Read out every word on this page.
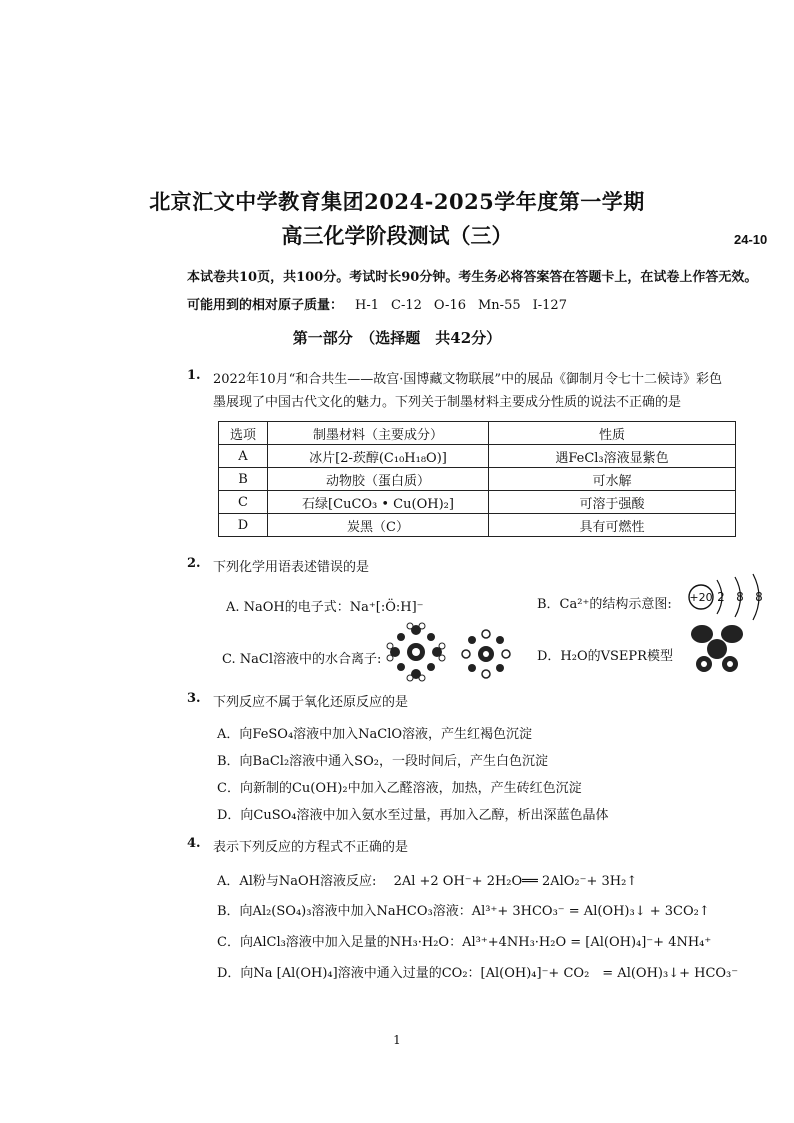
北京汇文中学教育集团2024-2025学年度第一学期
高三化学阶段测试（三）	24-10
本试卷共10页，共100分。考试时长90分钟。考生务必将答案答在答题卡上，在试卷上作答无效。
可能用到的相对原子质量： H-1 C-12 O-16 Mn-55 I-127
第一部分　（选择题　共42分）
1. 2022年10月“和合共生——故宫·国博藏文物联展”中的展品《御制月令七十二候诗》彩色
墨展现了中国古代文化的魅力。下列关于制墨材料主要成分性质的说法不正确的是
选项	制墨材料（主要成分）	性质
A	冰片[2-莰醇(C₁₀H₁₈O)]	遇FeCl₃溶液显紫色
B	动物胶（蛋白质）	可水解
C	石绿[CuCO₃ • Cu(OH)₂]	可溶于强酸
D	炭黑（C）	具有可燃性
2. 下列化学用语表述错误的是
A. NaOH的电子式：Na⁺[:Ö:H]⁻	B．Ca²⁺的结构示意图: +20 2 8 8
C. NaCl溶液中的水合离子:	D．H₂O的VSEPR模型
3. 下列反应不属于氧化还原反应的是
A．向FeSO₄溶液中加入NaClO溶液，产生红褐色沉淀
B．向BaCl₂溶液中通入SO₂，一段时间后，产生白色沉淀
C．向新制的Cu(OH)₂中加入乙醛溶液，加热，产生砖红色沉淀
D．向CuSO₄溶液中加入氨水至过量，再加入乙醇，析出深蓝色晶体
4. 表示下列反应的方程式不正确的是
A．Al粉与NaOH溶液反应:　 2Al +2 OH⁻+ 2H₂O══ 2AlO₂⁻+ 3H₂↑
B．向Al₂(SO₄)₃溶液中加入NaHCO₃溶液：Al³⁺+ 3HCO₃⁻ = Al(OH)₃↓ + 3CO₂↑
C．向AlCl₃溶液中加入足量的NH₃·H₂O：Al³⁺+4NH₃·H₂O = [Al(OH)₄]⁻+ 4NH₄⁺
D．向Na [Al(OH)₄]溶液中通入过量的CO₂：[Al(OH)₄]⁻+ CO₂　= Al(OH)₃↓+ HCO₃⁻
1
